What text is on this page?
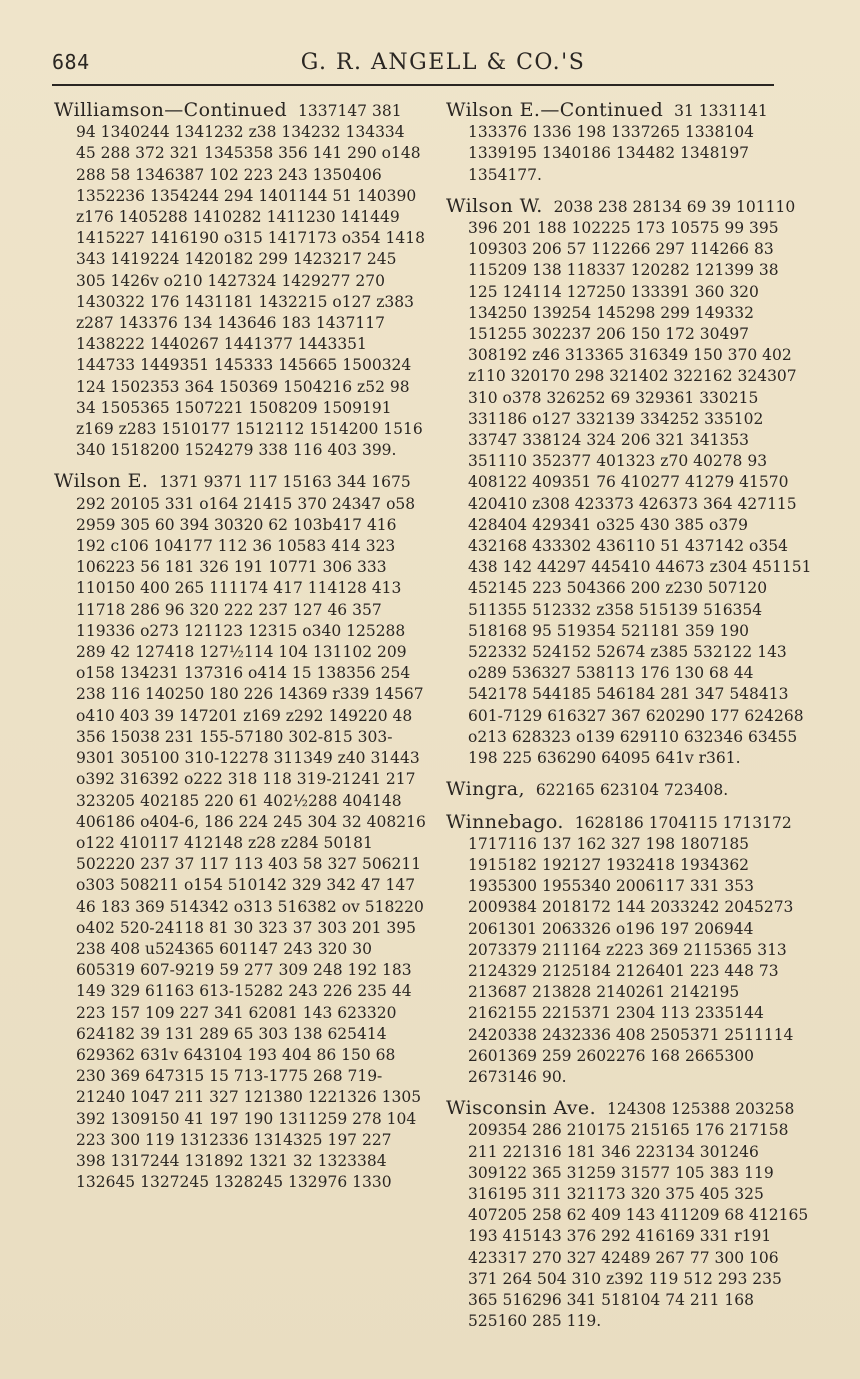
684	G. R. ANGELL & CO.'S
Williamson—Continued 1337147 381 94 1340244 1341232 z38 134232 134334 45 288 372 321 1345358 356 141 290 o148 288 58 1346387 102 223 243 1350406 1352236 1354244 294 1401144 51 140390 z176 1405288 1410282 1411230 141449 1415227 1416190 o315 1417173 o354 1418 343 1419224 1420182 299 1423217 245 305 1426v o210 1427324 1429277 270 1430322 176 1431181 1432215 o127 z383 z287 143376 134 143646 183 1437117 1438222 1440267 1441377 1443351 144733 1449351 145333 145665 1500324 124 1502353 364 150369 1504216 z52 98 34 1505365 1507221 1508209 1509191 z169 z283 1510177 1512112 1514200 1516 340 1518200 1524279 338 116 403 399.
Wilson E. 1371 9371 117 15163 344 1675 292 20105 331 o164 21415 370 24347 o58 2959 305 60 394 30320 62 103b417 416 192 c106 104177 112 36 10583 414 323 106223 56 181 326 191 10771 306 333 110150 400 265 111174 417 114128 413 11718 286 96 320 222 237 127 46 357 119336 o273 121123 12315 o340 125288 289 42 127418 127½114 104 131102 209 o158 134231 137316 o414 15 138356 254 238 116 140250 180 226 14369 r339 14567 o410 403 39 147201 z169 z292 149220 48 356 15038 231 155-57180 302-815 303-9301 305100 310-12278 311349 z40 31443 o392 316392 o222 318 118 319-21241 217 323205 402185 220 61 402½288 404148 406186 o404-6, 186 224 245 304 32 408216 o122 410117 412148 z28 z284 50181 502220 237 37 117 113 403 58 327 506211 o303 508211 o154 510142 329 342 47 147 46 183 369 514342 o313 516382 ov 518220 o402 520-24118 81 30 323 37 303 201 395 238 408 u524365 601147 243 320 30 605319 607-9219 59 277 309 248 192 183 149 329 61163 613-15282 243 226 235 44 223 157 109 227 341 62081 143 623320 624182 39 131 289 65 303 138 625414 629362 631v 643104 193 404 86 150 68 230 369 647315 15 713-1775 268 719-21240 1047 211 327 121380 1221326 1305 392 1309150 41 197 190 1311259 278 104 223 300 119 1312336 1314325 197 227 398 1317244 131892 1321 32 1323384 132645 1327245 1328245 132976 1330
Wilson E.—Continued 31 1331141 133376 1336 198 1337265 1338104 1339195 1340186 134482 1348197 1354177.
Wilson W. 2038 238 28134 69 39 101110 396 201 188 102225 173 10575 99 395 109303 206 57 112266 297 114266 83 115209 138 118337 120282 121399 38 125 124114 127250 133391 360 320 134250 139254 145298 299 149332 151255 302237 206 150 172 30497 308192 z46 313365 316349 150 370 402 z110 320170 298 321402 322162 324307 310 o378 326252 69 329361 330215 331186 o127 332139 334252 335102 33747 338124 324 206 321 341353 351110 352377 401323 z70 40278 93 408122 409351 76 410277 41279 41570 420410 z308 423373 426373 364 427115 428404 429341 o325 430 385 o379 432168 433302 436110 51 437142 o354 438 142 44297 445410 44673 z304 451151 452145 223 504366 200 z230 507120 511355 512332 z358 515139 516354 518168 95 519354 521181 359 190 522332 524152 52674 z385 532122 143 o289 536327 538113 176 130 68 44 542178 544185 546184 281 347 548413 601-7129 616327 367 620290 177 624268 o213 628323 o139 629110 632346 63455 198 225 636290 64095 641v r361.
Wingra, 622165 623104 723408.
Winnebago. 1628186 1704115 1713172 1717116 137 162 327 198 1807185 1915182 192127 1932418 1934362 1935300 1955340 2006117 331 353 2009384 2018172 144 2033242 2045273 2061301 2063326 o196 197 206944 2073379 211164 z223 369 2115365 313 2124329 2125184 2126401 223 448 73 213687 213828 2140261 2142195 2162155 2215371 2304 113 2335144 2420338 2432336 408 2505371 2511114 2601369 259 2602276 168 2665300 2673146 90.
Wisconsin Ave. 124308 125388 203258 209354 286 210175 215165 176 217158 211 221316 181 346 223134 301246 309122 365 31259 31577 105 383 119 316195 311 321173 320 375 405 325 407205 258 62 409 143 411209 68 412165 193 415143 376 292 416169 331 r191 423317 270 327 42489 267 77 300 106 371 264 504 310 z392 119 512 293 235 365 516296 341 518104 74 211 168 525160 285 119.
